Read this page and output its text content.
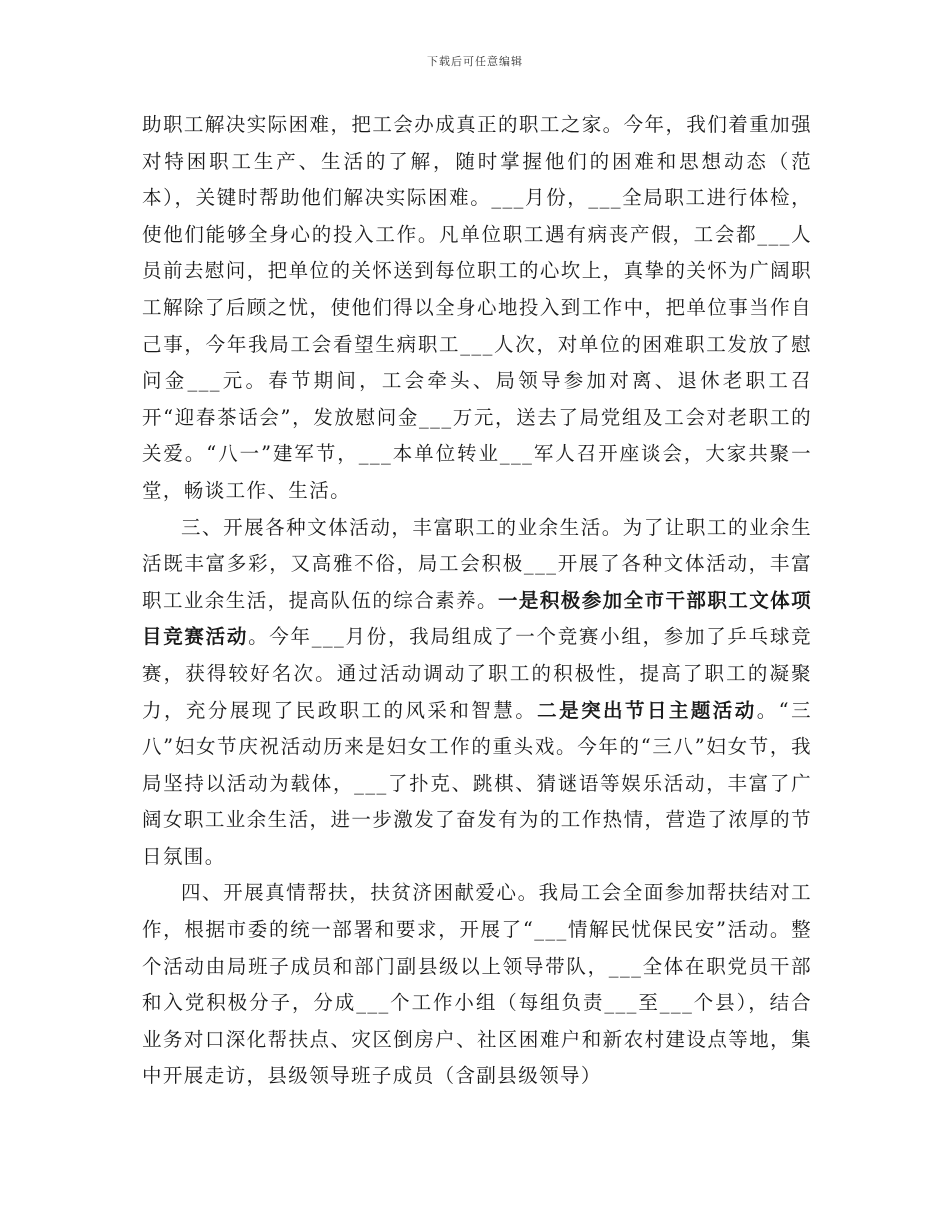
下载后可任意编辑

助职工解决实际困难，把工会办成真正的职工之家。今年，我们着重加强对特困职工生产、生活的了解，随时掌握他们的困难和思想动态（范本），关键时帮助他们解决实际困难。___月份，___全局职工进行体检，使他们能够全身心的投入工作。凡单位职工遇有病丧产假，工会都___人员前去慰问，把单位的关怀送到每位职工的心坎上，真挚的关怀为广阔职工解除了后顾之忧，使他们得以全身心地投入到工作中，把单位事当作自己事，今年我局工会看望生病职工___人次，对单位的困难职工发放了慰问金___元。春节期间，工会牵头、局领导参加对离、退休老职工召开“迎春茶话会”，发放慰问金___万元，送去了局党组及工会对老职工的关爱。“八一”建军节，___本单位转业___军人召开座谈会，大家共聚一堂，畅谈工作、生活。

三、开展各种文体活动，丰富职工的业余生活。为了让职工的业余生活既丰富多彩，又高雅不俗，局工会积极___开展了各种文体活动，丰富职工业余生活，提高队伍的综合素养。一是积极参加全市干部职工文体项目竞赛活动。今年___月份，我局组成了一个竞赛小组，参加了乒乓球竞赛，获得较好名次。通过活动调动了职工的积极性，提高了职工的凝聚力，充分展现了民政职工的风采和智慧。二是突出节日主题活动。“三八”妇女节庆祝活动历来是妇女工作的重头戏。今年的“三八”妇女节，我局坚持以活动为载体，___了扑克、跳棋、猜谜语等娱乐活动，丰富了广阔女职工业余生活，进一步激发了奋发有为的工作热情，营造了浓厚的节日氛围。

四、开展真情帮扶，扶贫济困献爱心。我局工会全面参加帮扶结对工作，根据市委的统一部署和要求，开展了“___情解民忧保民安”活动。整个活动由局班子成员和部门副县级以上领导带队，___全体在职党员干部和入党积极分子，分成___个工作小组（每组负责___至___个县），结合业务对口深化帮扶点、灾区倒房户、社区困难户和新农村建设点等地，集中开展走访，县级领导班子成员（含副县级领导）
